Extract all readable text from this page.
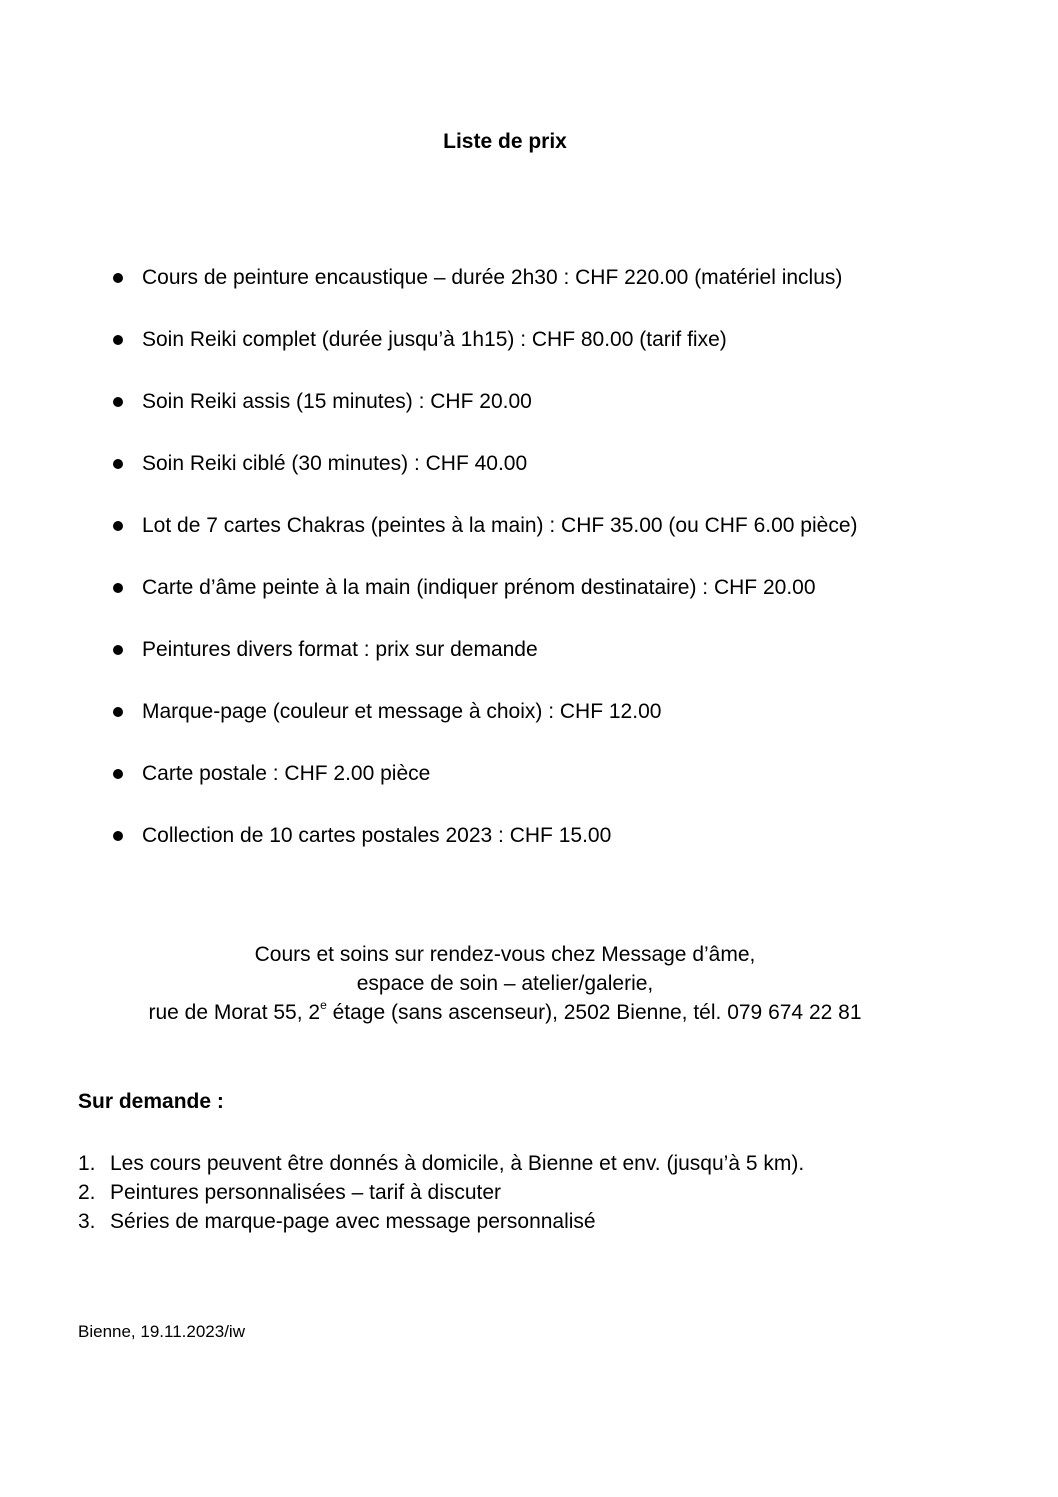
Liste de prix
Cours de peinture encaustique – durée 2h30 : CHF 220.00 (matériel inclus)
Soin Reiki complet (durée jusqu’à 1h15) : CHF 80.00 (tarif fixe)
Soin Reiki assis (15 minutes) : CHF 20.00
Soin Reiki ciblé (30 minutes) : CHF 40.00
Lot de 7 cartes Chakras (peintes à la main) : CHF 35.00 (ou CHF 6.00 pièce)
Carte d’âme peinte à la main (indiquer prénom destinataire) : CHF 20.00
Peintures divers format : prix sur demande
Marque-page (couleur et message à choix) : CHF 12.00
Carte postale : CHF 2.00 pièce
Collection de 10 cartes postales 2023 : CHF 15.00
Cours et soins sur rendez-vous chez Message d’âme,
espace de soin – atelier/galerie,
rue de Morat 55, 2e étage (sans ascenseur), 2502 Bienne, tél. 079 674 22 81
Sur demande :
1. Les cours peuvent être donnés à domicile, à Bienne et env. (jusqu’à 5 km).
2. Peintures personnalisées – tarif à discuter
3. Séries de marque-page avec message personnalisé
Bienne, 19.11.2023/iw
